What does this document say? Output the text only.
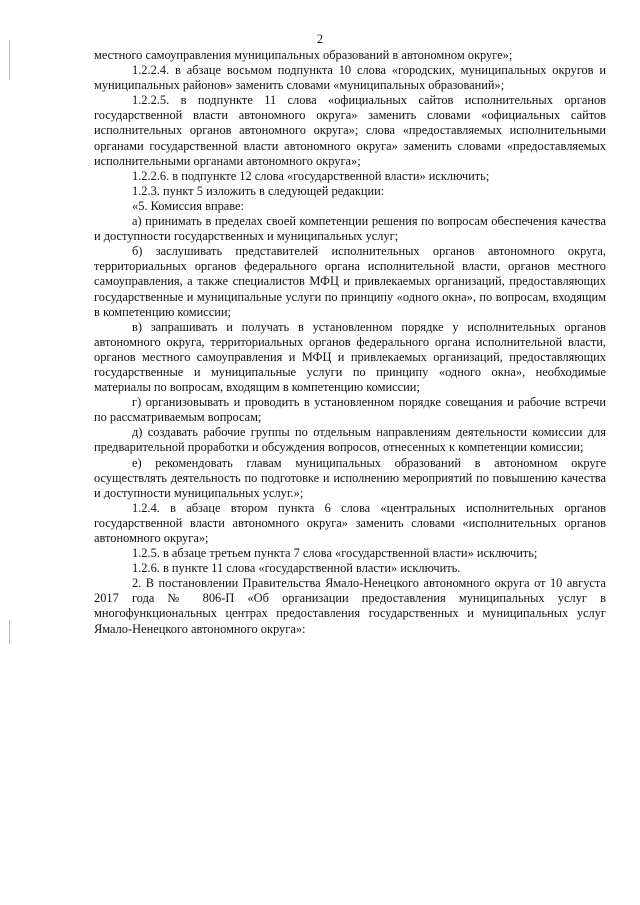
2

местного самоуправления муниципальных образований в автономном округе»;

1.2.2.4. в абзаце восьмом подпункта 10 слова «городских, муниципальных округов и муниципальных районов» заменить словами «муниципальных образований»;

1.2.2.5. в подпункте 11 слова «официальных сайтов исполнительных органов государственной власти автономного округа» заменить словами «официальных сайтов исполнительных органов автономного округа»; слова «предоставляемых исполнительными органами государственной власти автономного округа» заменить словами «предоставляемых исполнительными органами автономного округа»;

1.2.2.6. в подпункте 12 слова «государственной власти» исключить;

1.2.3. пункт 5 изложить в следующей редакции:

«5. Комиссия вправе:

а) принимать в пределах своей компетенции решения по вопросам обеспечения качества и доступности государственных и муниципальных услуг;

б) заслушивать представителей исполнительных органов автономного округа, территориальных органов федерального органа исполнительной власти, органов местного самоуправления, а также специалистов МФЦ и привлекаемых организаций, предоставляющих государственные и муниципальные услуги по принципу «одного окна», по вопросам, входящим в компетенцию комиссии;

в) запрашивать и получать в установленном порядке у исполнительных органов автономного округа, территориальных органов федерального органа исполнительной власти, органов местного самоуправления и МФЦ и привлекаемых организаций, предоставляющих государственные и муниципальные услуги по принципу «одного окна», необходимые материалы по вопросам, входящим в компетенцию комиссии;

г) организовывать и проводить в установленном порядке совещания и рабочие встречи по рассматриваемым вопросам;

д) создавать рабочие группы по отдельным направлениям деятельности комиссии для предварительной проработки и обсуждения вопросов, отнесенных к компетенции комиссии;

е) рекомендовать главам муниципальных образований в автономном округе осуществлять деятельность по подготовке и исполнению мероприятий по повышению качества и доступности муниципальных услуг.»;

1.2.4. в абзаце втором пункта 6 слова «центральных исполнительных органов государственной власти автономного округа» заменить словами «исполнительных органов автономного округа»;

1.2.5. в абзаце третьем пункта 7 слова «государственной власти» исключить;

1.2.6. в пункте 11 слова «государственной власти» исключить.

2. В постановлении Правительства Ямало-Ненецкого автономного округа от 10 августа 2017 года № 806-П «Об организации предоставления муниципальных услуг в многофункциональных центрах предоставления государственных и муниципальных услуг Ямало-Ненецкого автономного округа»:
